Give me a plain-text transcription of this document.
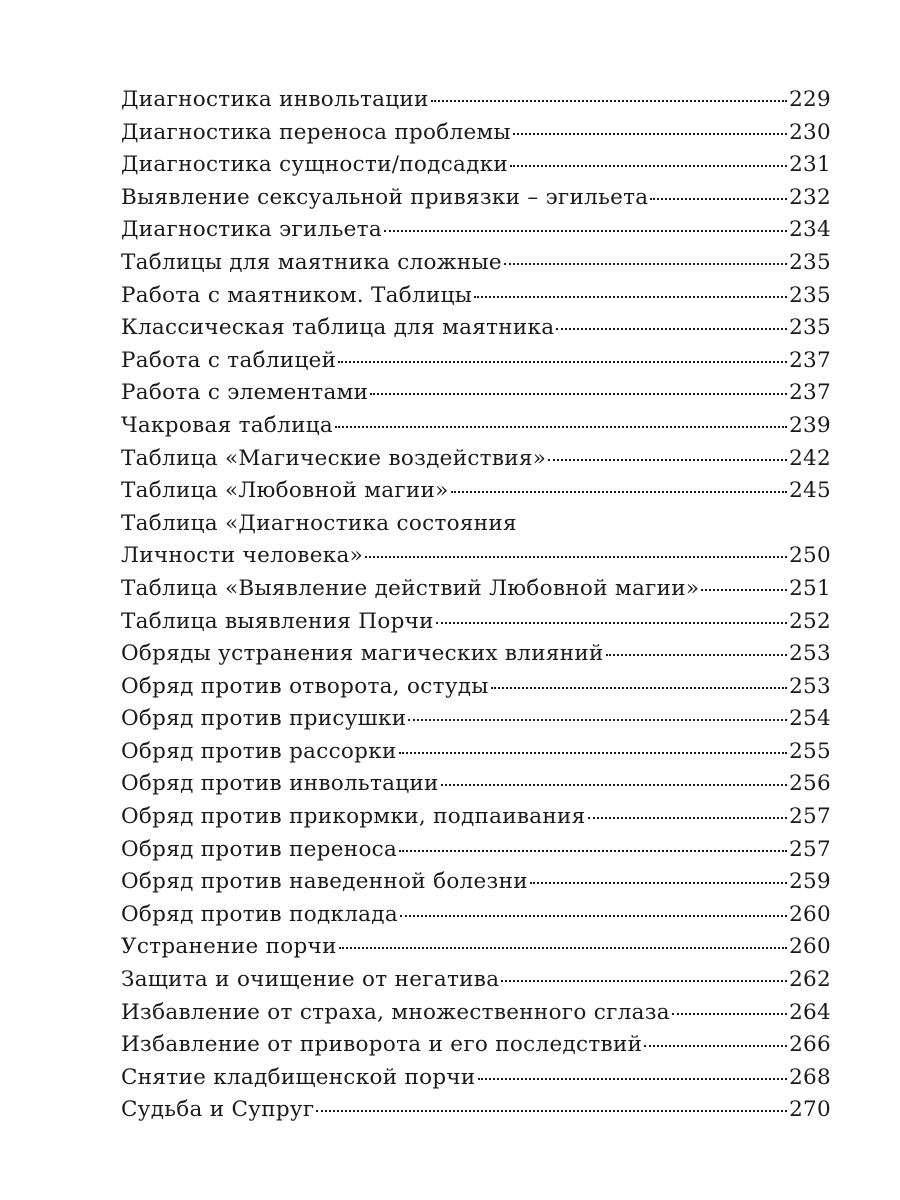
Диагностика инвольтации	229
Диагностика переноса проблемы	230
Диагностика сущности/подсадки	231
Выявление сексуальной привязки – эгильета	232
Диагностика эгильета	234
Таблицы для маятника сложные	235
Работа с маятником. Таблицы	235
Классическая таблица для маятника	235
Работа с таблицей	237
Работа с элементами	237
Чакровая таблица	239
Таблица «Магические воздействия»	242
Таблица «Любовной магии»	245
Таблица «Диагностика состояния
Личности человека»	250
Таблица «Выявление действий Любовной магии»	251
Таблица выявления Порчи	252
Обряды устранения магических влияний	253
Обряд против отворота, остуды	253
Обряд против присушки	254
Обряд против рассорки	255
Обряд против инвольтации	256
Обряд против прикормки, подпаивания	257
Обряд против переноса	257
Обряд против наведенной болезни	259
Обряд против подклада	260
Устранение порчи	260
Защита и очищение от негатива	262
Избавление от страха, множественного сглаза	264
Избавление от приворота и его последствий	266
Снятие кладбищенской порчи	268
Судьба и Супруг	270
